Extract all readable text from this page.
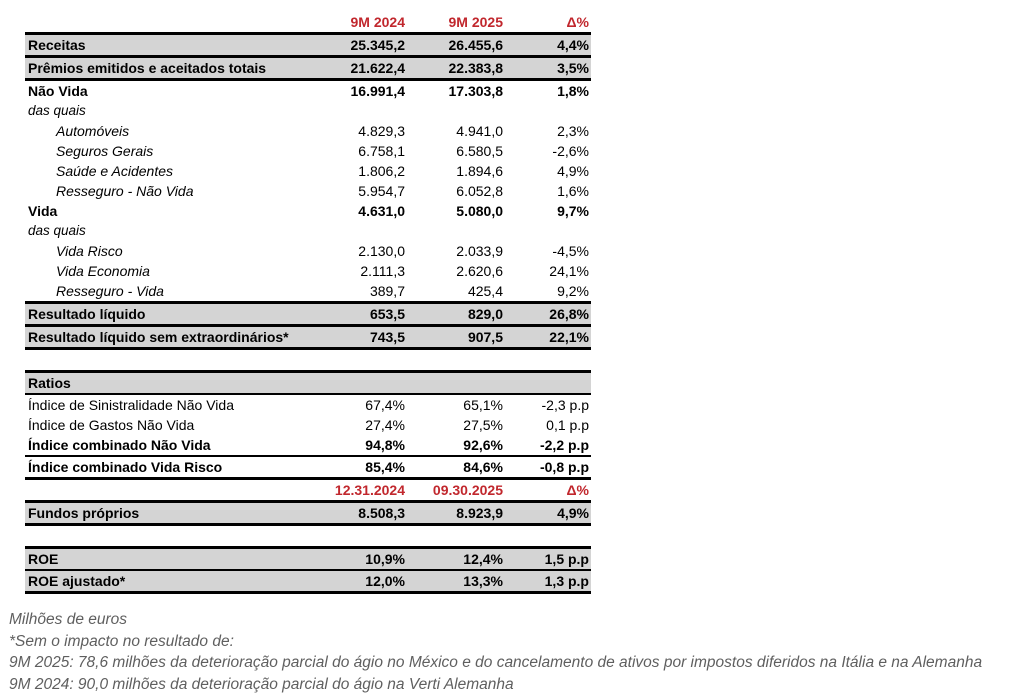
9M 2024	9M 2025	Δ%
Receitas	25.345,2	26.455,6	4,4%
Prêmios emitidos e aceitados totais	21.622,4	22.383,8	3,5%
Não Vida	16.991,4	17.303,8	1,8%
das quais
Automóveis	4.829,3	4.941,0	2,3%
Seguros Gerais	6.758,1	6.580,5	-2,6%
Saúde e Acidentes	1.806,2	1.894,6	4,9%
Resseguro - Não Vida	5.954,7	6.052,8	1,6%
Vida	4.631,0	5.080,0	9,7%
das quais
Vida Risco	2.130,0	2.033,9	-4,5%
Vida Economia	2.111,3	2.620,6	24,1%
Resseguro - Vida	389,7	425,4	9,2%
Resultado líquido	653,5	829,0	26,8%
Resultado líquido sem extraordinários*	743,5	907,5	22,1%
Ratios
Índice de Sinistralidade Não Vida	67,4%	65,1%	-2,3 p.p
Índice de Gastos Não Vida	27,4%	27,5%	0,1 p.p
Índice combinado Não Vida	94,8%	92,6%	-2,2 p.p
Índice combinado Vida Risco	85,4%	84,6%	-0,8 p.p
12.31.2024	09.30.2025	Δ%
Fundos próprios	8.508,3	8.923,9	4,9%
ROE	10,9%	12,4%	1,5 p.p
ROE ajustado*	12,0%	13,3%	1,3 p.p
Milhões de euros
*Sem o impacto no resultado de:
9M 2025: 78,6 milhões da deterioração parcial do ágio no México e do cancelamento de ativos por impostos diferidos na Itália e na Alemanha
9M 2024: 90,0 milhões da deterioração parcial do ágio na Verti Alemanha
